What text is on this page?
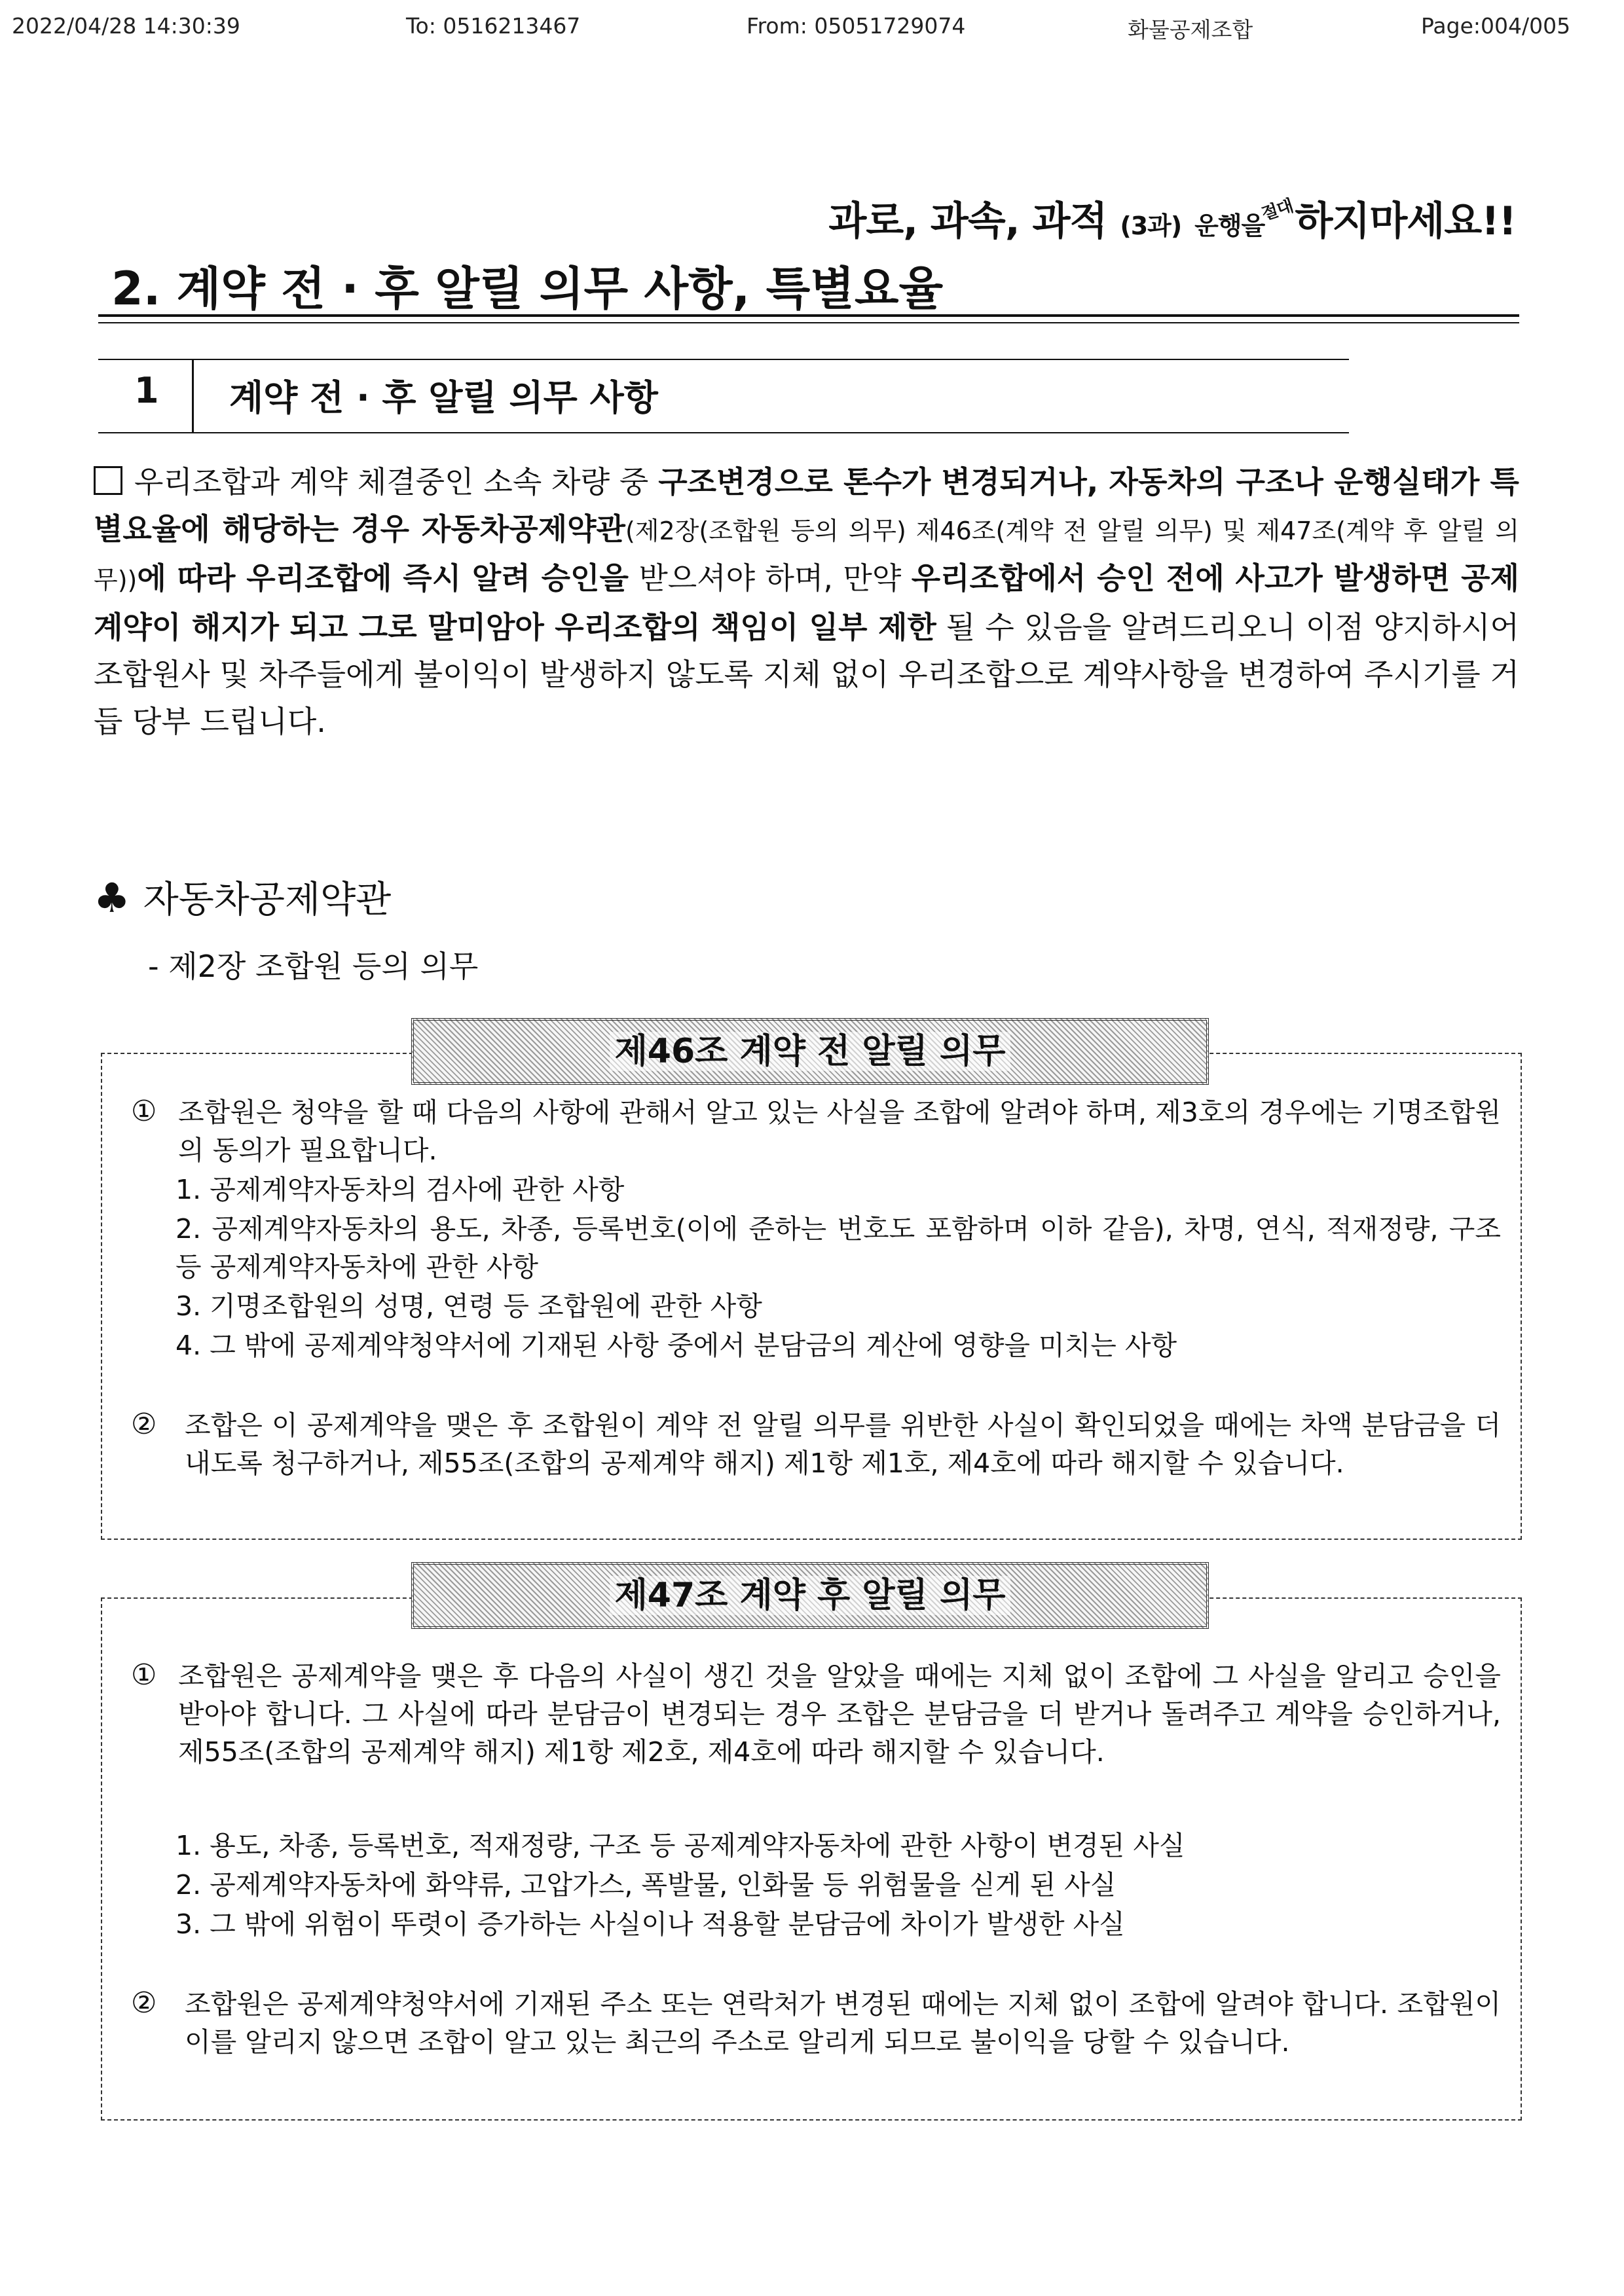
2022/04/28 14:30:39	To: 0516213467	From: 05051729074	화물공제조합	Page:004/005
과로, 과속, 과적 (3과) 운행을절대하지마세요!!
2. 계약 전 · 후 알릴 의무 사항, 특별요율
1 계약 전 · 후 알릴 의무 사항
우리조합과 계약 체결중인 소속 차량 중 구조변경으로 톤수가 변경되거나, 자동차의 구조나 운행실태가 특별요율에 해당하는 경우 자동차공제약관(제2장(조합원 등의 의무) 제46조(계약 전 알릴 의무) 및 제47조(계약 후 알릴 의무))에 따라 우리조합에 즉시 알려 승인을 받으셔야 하며, 만약 우리조합에서 승인 전에 사고가 발생하면 공제계약이 해지가 되고 그로 말미암아 우리조합의 책임이 일부 제한 될 수 있음을 알려드리오니 이점 양지하시어 조합원사 및 차주들에게 불이익이 발생하지 않도록 지체 없이 우리조합으로 계약사항을 변경하여 주시기를 거듭 당부 드립니다.
♣ 자동차공제약관
- 제2장 조합원 등의 의무
제46조 계약 전 알릴 의무
① 조합원은 청약을 할 때 다음의 사항에 관해서 알고 있는 사실을 조합에 알려야 하며, 제3호의 경우에는 기명조합원의 동의가 필요합니다.
1. 공제계약자동차의 검사에 관한 사항
2. 공제계약자동차의 용도, 차종, 등록번호(이에 준하는 번호도 포함하며 이하 같음), 차명, 연식, 적재정량, 구조 등 공제계약자동차에 관한 사항
3. 기명조합원의 성명, 연령 등 조합원에 관한 사항
4. 그 밖에 공제계약청약서에 기재된 사항 중에서 분담금의 계산에 영향을 미치는 사항
② 조합은 이 공제계약을 맺은 후 조합원이 계약 전 알릴 의무를 위반한 사실이 확인되었을 때에는 차액 분담금을 더 내도록 청구하거나, 제55조(조합의 공제계약 해지) 제1항 제1호, 제4호에 따라 해지할 수 있습니다.
제47조 계약 후 알릴 의무
① 조합원은 공제계약을 맺은 후 다음의 사실이 생긴 것을 알았을 때에는 지체 없이 조합에 그 사실을 알리고 승인을 받아야 합니다. 그 사실에 따라 분담금이 변경되는 경우 조합은 분담금을 더 받거나 돌려주고 계약을 승인하거나, 제55조(조합의 공제계약 해지) 제1항 제2호, 제4호에 따라 해지할 수 있습니다.
1. 용도, 차종, 등록번호, 적재정량, 구조 등 공제계약자동차에 관한 사항이 변경된 사실
2. 공제계약자동차에 화약류, 고압가스, 폭발물, 인화물 등 위험물을 싣게 된 사실
3. 그 밖에 위험이 뚜렷이 증가하는 사실이나 적용할 분담금에 차이가 발생한 사실
② 조합원은 공제계약청약서에 기재된 주소 또는 연락처가 변경된 때에는 지체 없이 조합에 알려야 합니다. 조합원이 이를 알리지 않으면 조합이 알고 있는 최근의 주소로 알리게 되므로 불이익을 당할 수 있습니다.
